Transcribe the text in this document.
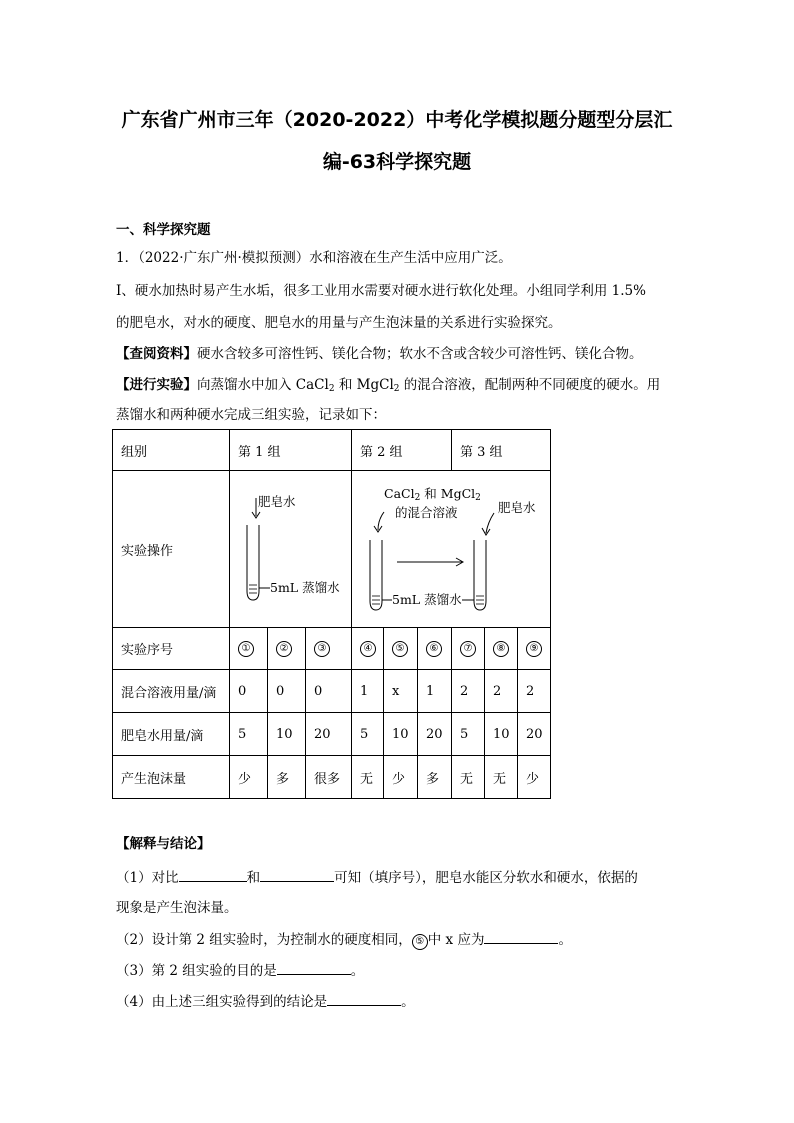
广东省广州市三年（2020-2022）中考化学模拟题分题型分层汇
编-63科学探究题
一、科学探究题
1．（2022·广东广州·模拟预测）水和溶液在生产生活中应用广泛。
Ⅰ、硬水加热时易产生水垢，很多工业用水需要对硬水进行软化处理。小组同学利用 1.5%
的肥皂水，对水的硬度、肥皂水的用量与产生泡沫量的关系进行实验探究。
【查阅资料】硬水含较多可溶性钙、镁化合物；软水不含或含较少可溶性钙、镁化合物。
【进行实验】向蒸馏水中加入 CaCl$_2$ 和 MgCl$_2$ 的混合溶液，配制两种不同硬度的硬水。用
蒸馏水和两种硬水完成三组实验，记录如下：
组别	第 1 组			第 2 组			第 3 组		
实验操作	

实验序号	①	②	③	④	⑤	⑥	⑦	⑧	⑨
混合溶液用量/滴	0	0	0	1	x	1	2	2	2
肥皂水用量/滴	5	10	20	5	10	20	5	10	20
产生泡沫量	少	多	很多	无	少	多	无	无	少
肥皂水
5mL 蒸馏水
CaCl$_2$ 和 MgCl$_2$
的混合溶液	肥皂水
5mL 蒸馏水
【解释与结论】
（1）对比	和	可知（填序号），肥皂水能区分软水和硬水，依据的
现象是产生泡沫量。
（2）设计第 2 组实验时，为控制水的硬度相同， ⑤ 中 x 应为	。
（3）第 2 组实验的目的是	。
（4）由上述三组实验得到的结论是	。
